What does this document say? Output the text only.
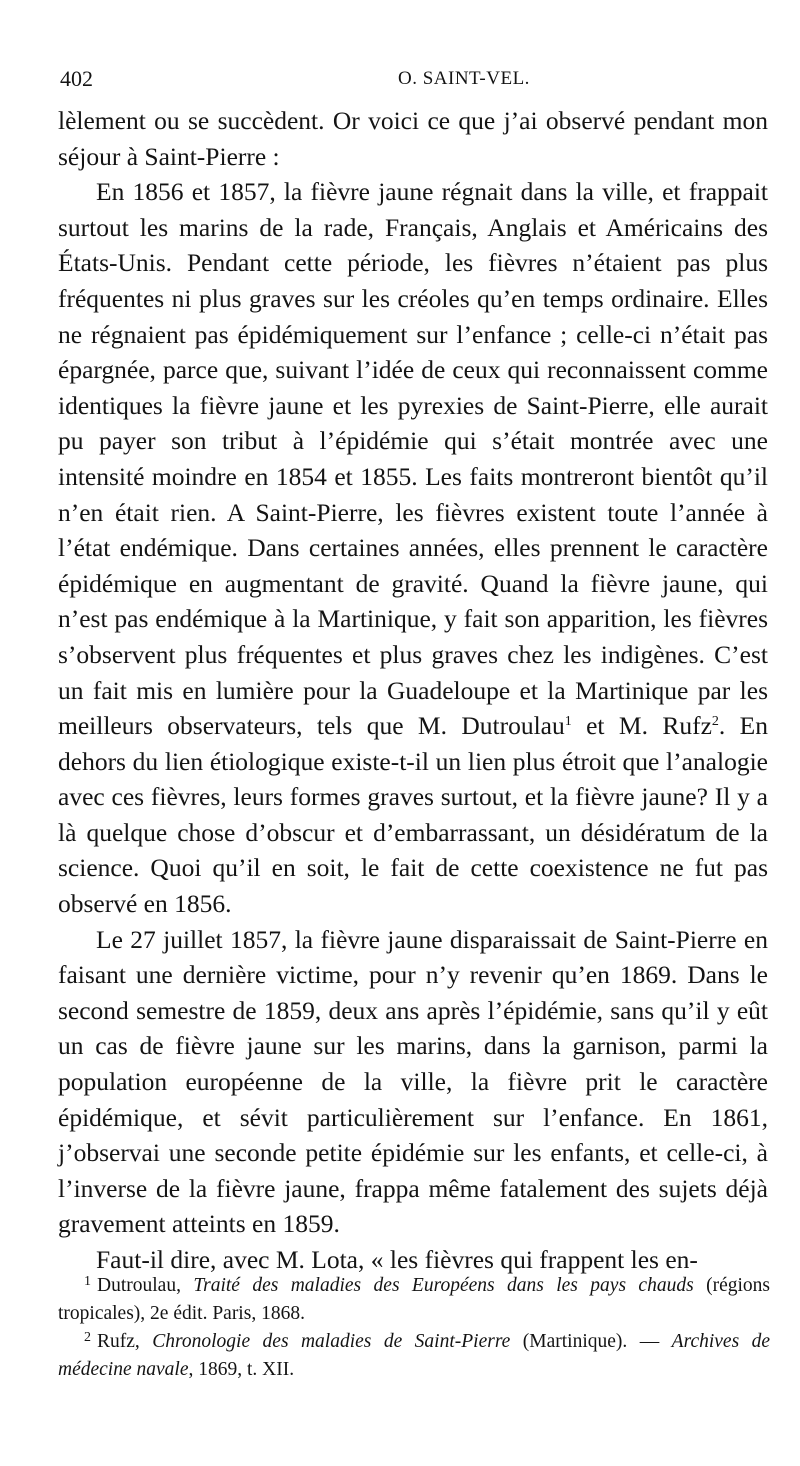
402	O. SAINT-VEL.

lèlement ou se succèdent. Or voici ce que j’ai observé pendant mon séjour à Saint-Pierre :

En 1856 et 1857, la fièvre jaune régnait dans la ville, et frappait surtout les marins de la rade, Français, Anglais et Américains des États-Unis. Pendant cette période, les fièvres n’étaient pas plus fréquentes ni plus graves sur les créoles qu’en temps ordinaire. Elles ne régnaient pas épidémiquement sur l’enfance ; celle-ci n’était pas épargnée, parce que, suivant l’idée de ceux qui reconnaissent comme identiques la fièvre jaune et les pyrexies de Saint-Pierre, elle aurait pu payer son tribut à l’épidémie qui s’était montrée avec une intensité moindre en 1854 et 1855. Les faits montreront bientôt qu’il n’en était rien. A Saint-Pierre, les fièvres existent toute l’année à l’état endémique. Dans certaines années, elles prennent le caractère épidémique en augmentant de gravité. Quand la fièvre jaune, qui n’est pas endémique à la Martinique, y fait son apparition, les fièvres s’observent plus fréquentes et plus graves chez les indigènes. C’est un fait mis en lumière pour la Guadeloupe et la Martinique par les meilleurs observateurs, tels que M. Dutroulau$^1$ et M. Rufz$^2$. En dehors du lien étiologique existe-t-il un lien plus étroit que l’analogie avec ces fièvres, leurs formes graves surtout, et la fièvre jaune? Il y a là quelque chose d’obscur et d’embarrassant, un désidératum de la science. Quoi qu’il en soit, le fait de cette coexistence ne fut pas observé en 1856.

Le 27 juillet 1857, la fièvre jaune disparaissait de Saint-Pierre en faisant une dernière victime, pour n’y revenir qu’en 1869. Dans le second semestre de 1859, deux ans après l’épidémie, sans qu’il y eût un cas de fièvre jaune sur les marins, dans la garnison, parmi la population européenne de la ville, la fièvre prit le caractère épidémique, et sévit particulièrement sur l’enfance. En 1861, j’observai une seconde petite épidémie sur les enfants, et celle-ci, à l’inverse de la fièvre jaune, frappa même fatalement des sujets déjà gravement atteints en 1859.

Faut-il dire, avec M. Lota, « les fièvres qui frappent les en-

$^1$ Dutroulau, Traité des maladies des Européens dans les pays chauds (régions tropicales), 2e édit. Paris, 1868.

$^2$ Rufz, Chronologie des maladies de Saint-Pierre (Martinique). — Archives de médecine navale, 1869, t. XII.
